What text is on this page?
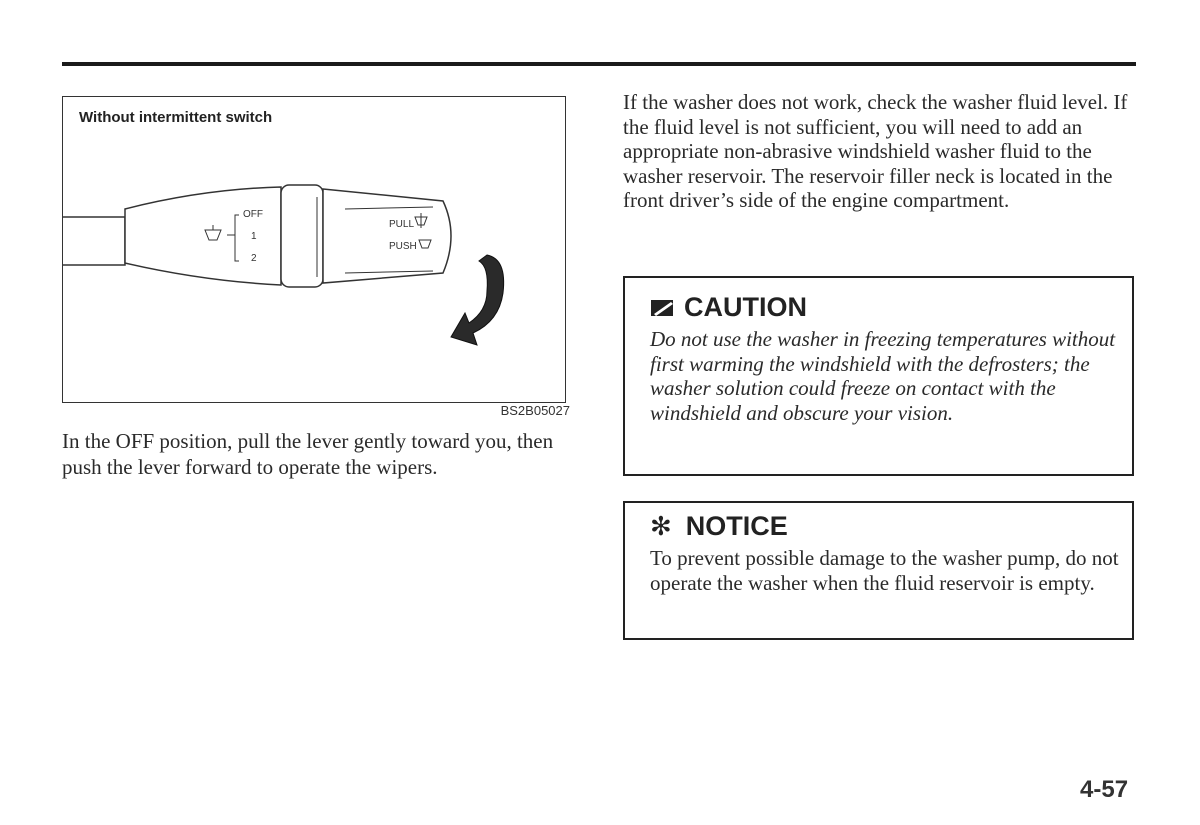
OFF
1
2
PULL
PUSH
Without intermittent switch
BS2B05027
In the OFF position, pull the lever gently toward you, then push the lever forward to operate the wipers.
If the washer does not work, check the washer fluid level. If the fluid level is not sufficient, you will need to add an appropriate non-abrasive windshield washer fluid to the washer reservoir. The reservoir filler neck is located in the front driver’s side of the engine compartment.
CAUTION
Do not use the washer in freezing temperatures without first warming the windshield with the defrosters; the washer solution could freeze on contact with the windshield and obscure your vision.
✻ NOTICE
To prevent possible damage to the washer pump, do not operate the washer when the fluid reservoir is empty.
4-57
